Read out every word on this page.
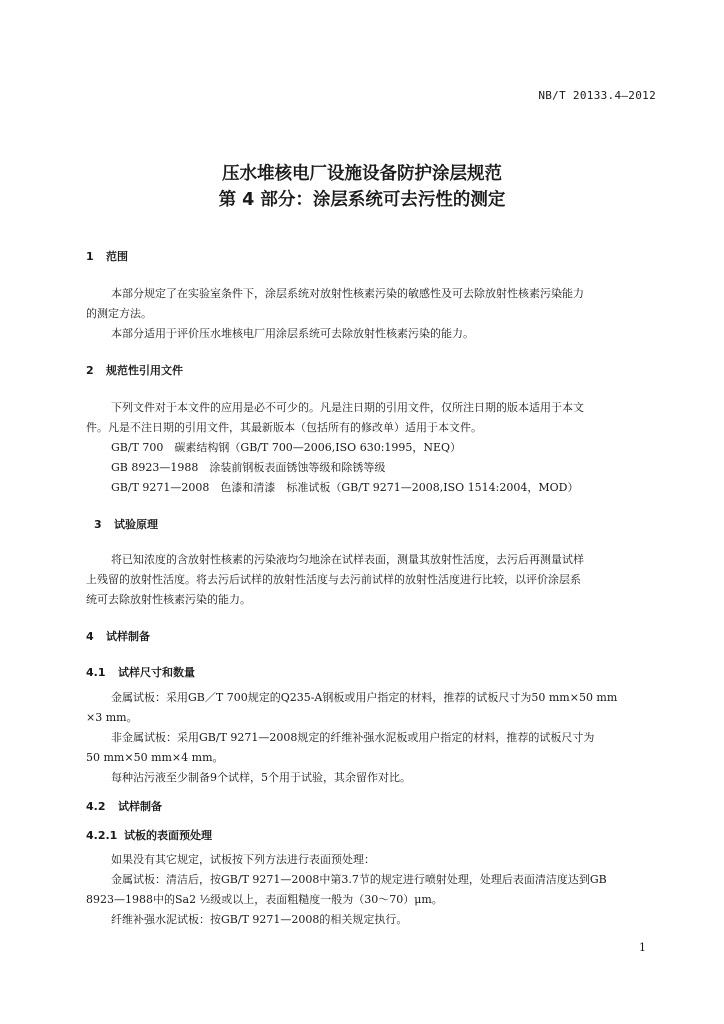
NB/T 20133.4—2012
压水堆核电厂设施设备防护涂层规范
第 4 部分：涂层系统可去污性的测定
1 范围
本部分规定了在实验室条件下，涂层系统对放射性核素污染的敏感性及可去除放射性核素污染能力
的测定方法。
本部分适用于评价压水堆核电厂用涂层系统可去除放射性核素污染的能力。
2 规范性引用文件
下列文件对于本文件的应用是必不可少的。凡是注日期的引用文件，仅所注日期的版本适用于本文
件。凡是不注日期的引用文件，其最新版本（包括所有的修改单）适用于本文件。
GB/T 700　碳素结构钢（GB/T 700—2006,ISO 630:1995，NEQ）
GB 8923—1988　涂装前钢板表面锈蚀等级和除锈等级
GB/T 9271—2008　色漆和清漆　标准试板（GB/T 9271—2008,ISO 1514:2004，MOD）
3 试验原理
将已知浓度的含放射性核素的污染液均匀地涂在试样表面，测量其放射性活度，去污后再测量试样
上残留的放射性活度。将去污后试样的放射性活度与去污前试样的放射性活度进行比较，以评价涂层系
统可去除放射性核素污染的能力。
4 试样制备
4.1 试样尺寸和数量
金属试板：采用GB／T 700规定的Q235-A钢板或用户指定的材料，推荐的试板尺寸为50 mm×50 mm
×3 mm。
非金属试板：采用GB/T 9271—2008规定的纤维补强水泥板或用户指定的材料，推荐的试板尺寸为
50 mm×50 mm×4 mm。
每种沾污液至少制备9个试样，5个用于试验，其余留作对比。
4.2 试样制备
4.2.1 试板的表面预处理
如果没有其它规定，试板按下列方法进行表面预处理：
金属试板：清洁后，按GB/T 9271—2008中第3.7节的规定进行喷射处理，处理后表面清洁度达到GB
8923—1988中的Sa2 ½级或以上，表面粗糙度一般为（30～70）μm。
纤维补强水泥试板：按GB/T 9271—2008的相关规定执行。
1
